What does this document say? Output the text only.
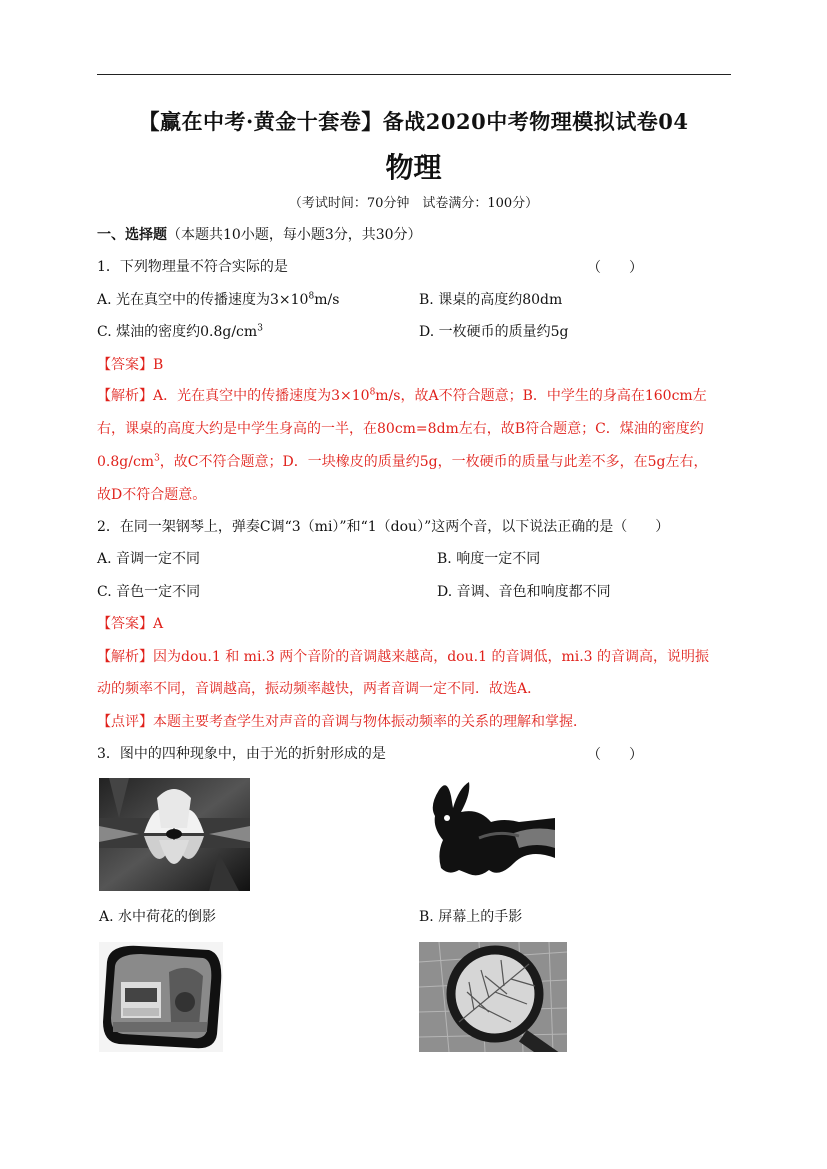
【赢在中考·黄金十套卷】备战2020中考物理模拟试卷04
物理
（考试时间：70分钟　试卷满分：100分）
一、选择题（本题共10小题，每小题3分，共30分）
1．下列物理量不符合实际的是	（　　）
A. 光在真空中的传播速度为$3\times 10^8m/s$	B. 课桌的高度约80dm
C. 煤油的密度约$0.8g/cm^3$	D. 一枚硬币的质量约5g
【答案】B
【解析】A．光在真空中的传播速度为$3\times 10^8m/s$，故A不符合题意；B．中学生的身高在160cm左
右，课桌的高度大约是中学生身高的一半，在80cm=8dm左右，故B符合题意；C．煤油的密度约
$0.8g/cm^3$，故C不符合题意；D．一块橡皮的质量约5g，一枚硬币的质量与此差不多，在5g左右，
故D不符合题意。
2．在同一架钢琴上，弹奏C调“3（mi）”和“1（dou）”这两个音，以下说法正确的是（　　）
A. 音调一定不同	B. 响度一定不同
C. 音色一定不同	D. 音调、音色和响度都不同
【答案】A
【解析】因为dou.1 和 mi.3 两个音阶的音调越来越高，dou.1 的音调低，mi.3 的音调高，说明振
动的频率不同，音调越高，振动频率越快，两者音调一定不同．故选A．
【点评】本题主要考查学生对声音的音调与物体振动频率的关系的理解和掌握．
3．图中的四种现象中，由于光的折射形成的是	（　　）
A. 水中荷花的倒影	B. 屏幕上的手影
